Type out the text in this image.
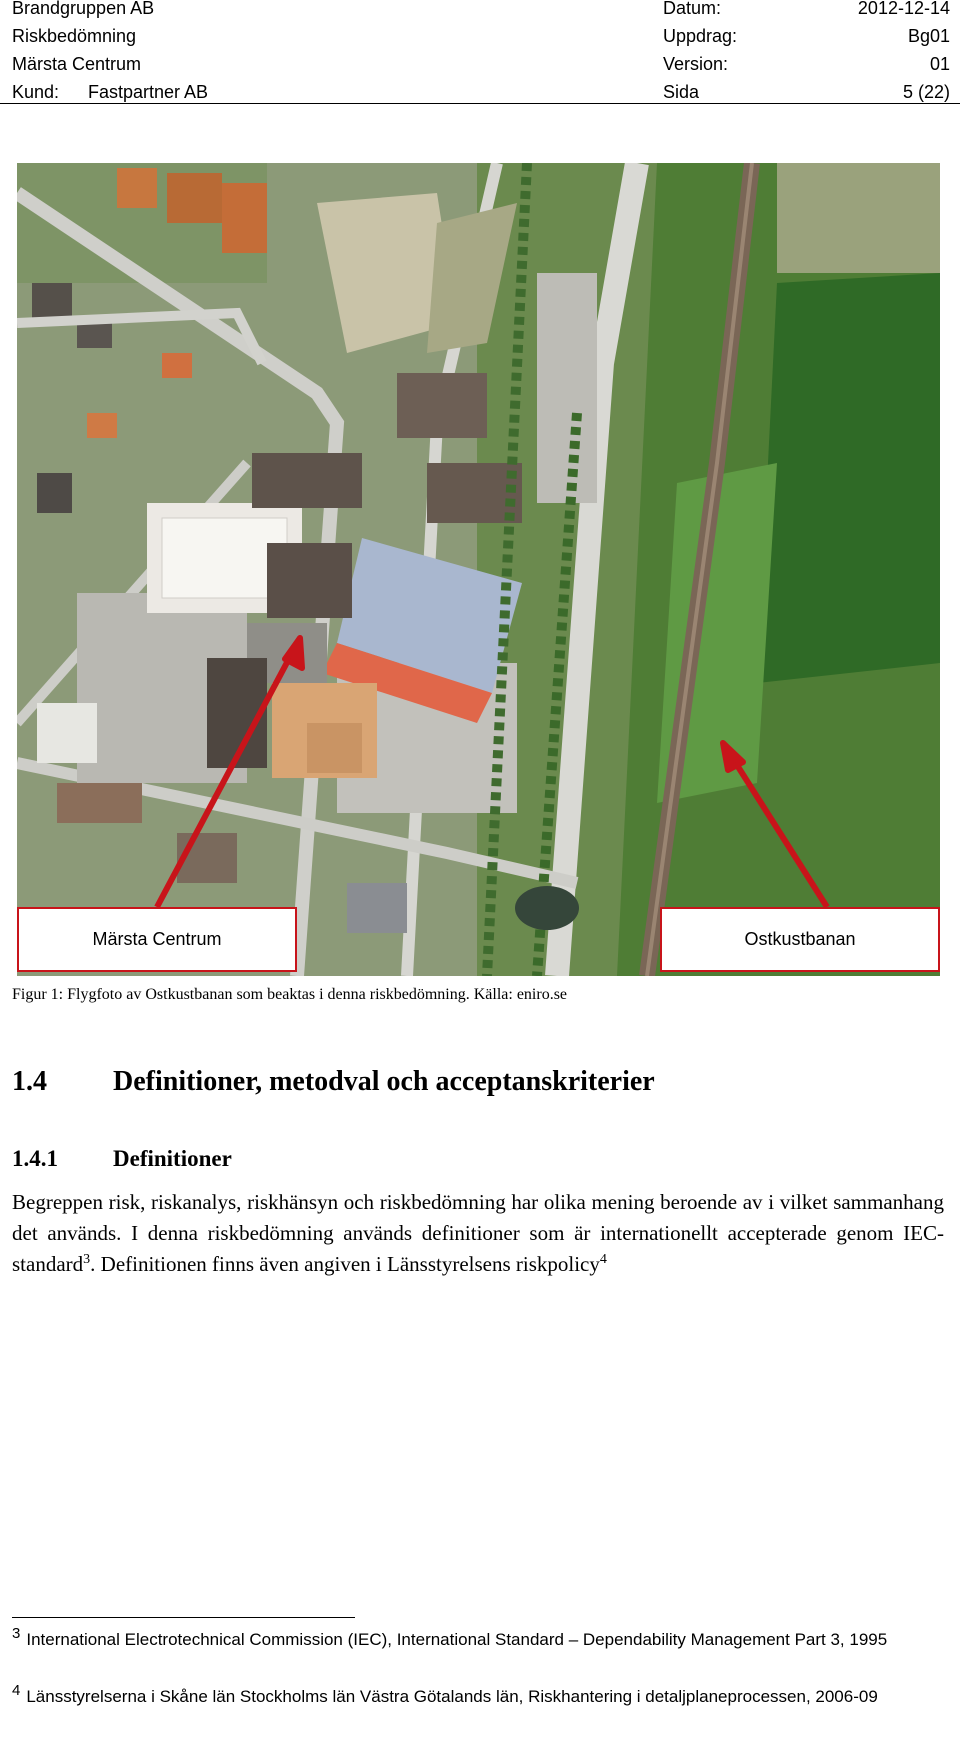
Brandgruppen AB	Datum:	2012-12-14
Riskbedömning	Uppdrag:	Bg01
Märsta Centrum	Version:	01
Kund: Fastpartner AB	Sida	5 (22)
Märsta Centrum	Ostkustbanan
Figur 1: Flygfoto av Ostkustbanan som beaktas i denna riskbedömning. Källa: eniro.se
1.4 Definitioner, metodval och acceptanskriterier
1.4.1 Definitioner

Begreppen risk, riskanalys, riskhänsyn och riskbedömning har olika mening beroende av i vilket sammanhang det används. I denna riskbedömning används definitioner som är internationellt accepterade genom IEC-standard$^3$. Definitionen finns även angiven i Länsstyrelsens riskpolicy$^4$

3 International Electrotechnical Commission (IEC), International Standard – Dependability Management Part 3, 1995
4 Länsstyrelserna i Skåne län Stockholms län Västra Götalands län, Riskhantering i detaljplaneprocessen, 2006-09
